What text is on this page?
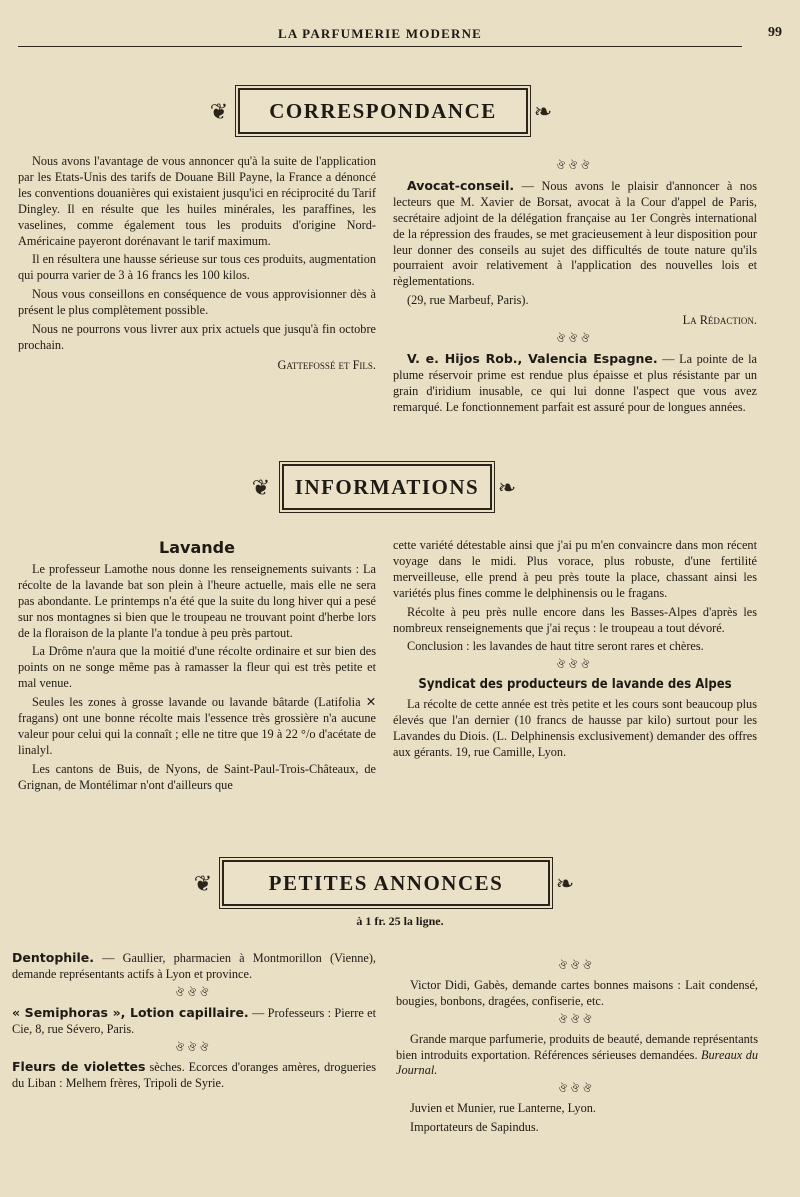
LA PARFUMERIE MODERNE	99
❦	CORRESPONDANCE	❧

Nous avons l'avantage de vous annoncer qu'à la suite de l'application par les Etats-Unis des tarifs de Douane Bill Payne, la France a dénoncé les conventions douanières qui existaient jusqu'ici en réciprocité du Tarif Dingley. Il en résulte que les huiles minérales, les paraffines, les vaselines, comme également tous les produits d'origine Nord-Américaine payeront dorénavant le tarif maximum.

Il en résultera une hausse sérieuse sur tous ces produits, augmentation qui pourra varier de 3 à 16 francs les 100 kilos.

Nous vous conseillons en conséquence de vous approvisionner dès à présent le plus complètement possible.

Nous ne pourrons vous livrer aux prix actuels que jusqu'à fin octobre prochain.

Gattefossé et Fils.

ঔঔঔ

Avocat-conseil. — Nous avons le plaisir d'annoncer à nos lecteurs que M. Xavier de Borsat, avocat à la Cour d'appel de Paris, secrétaire adjoint de la délégation française au 1er Congrès international de la répression des fraudes, se met gracieusement à leur disposition pour leur donner des conseils au sujet des difficultés de toute nature qu'ils pourraient avoir relativement à l'application des nouvelles lois et règlementations.

(29, rue Marbeuf, Paris).

La Rédaction.

ঔঔঔ

V. e. Hijos Rob., Valencia Espagne. — La pointe de la plume réservoir prime est rendue plus épaisse et plus résistante par un grain d'iridium inusable, ce qui lui donne l'aspect que vous avez remarqué. Le fonctionnement parfait est assuré pour de longues années.

❦	INFORMATIONS ❧

Lavande

Le professeur Lamothe nous donne les renseignements suivants : La récolte de la lavande bat son plein à l'heure actuelle, mais elle ne sera pas abondante. Le printemps n'a été que la suite du long hiver qui a pesé sur nos montagnes si bien que le troupeau ne trouvant point d'herbe lors de la floraison de la plante l'a tondue à peu près partout.

La Drôme n'aura que la moitié d'une récolte ordinaire et sur bien des points on ne songe même pas à ramasser la fleur qui est très petite et mal venue.

Seules les zones à grosse lavande ou lavande bâtarde (Latifolia ✕ fragans) ont une bonne récolte mais l'essence très grossière n'a aucune valeur pour celui qui la connaît ; elle ne titre que 19 à 22 °/o d'acétate de linalyl.

Les cantons de Buis, de Nyons, de Saint-Paul-Trois-Châteaux, de Grignan, de Montélimar n'ont d'ailleurs que

cette variété détestable ainsi que j'ai pu m'en convaincre dans mon récent voyage dans le midi. Plus vorace, plus robuste, d'une fertilité merveilleuse, elle prend à peu près toute la place, chassant ainsi les variétés plus fines comme le delphinensis ou le fragans.

Récolte à peu près nulle encore dans les Basses-Alpes d'après les nombreux renseignements que j'ai reçus : le troupeau a tout dévoré.

Conclusion : les lavandes de haut titre seront rares et chères.

ঔঔঔ

Syndicat des producteurs de lavande des Alpes

La récolte de cette année est très petite et les cours sont beaucoup plus élevés que l'an dernier (10 francs de hausse par kilo) surtout pour les Lavandes du Diois. (L. Delphinensis exclusivement) demander des offres aux gérants. 19, rue Camille, Lyon.

❦	PETITES ANNONCES	❧
à 1 fr. 25 la ligne.

Dentophile. — Gaullier, pharmacien à Montmorillon (Vienne), demande représentants actifs à Lyon et province.

ঔঔঔ

« Semiphoras », Lotion capillaire. — Professeurs : Pierre et Cie, 8, rue Sévero, Paris.

ঔঔঔ

Fleurs de violettes sèches. Ecorces d'oranges amères, drogueries du Liban : Melhem frères, Tripoli de Syrie.

ঔঔঔ

Victor Didi, Gabès, demande cartes bonnes maisons : Lait condensé, bougies, bonbons, dragées, confiserie, etc.

ঔঔঔ

Grande marque parfumerie, produits de beauté, demande représentants bien introduits exportation. Références sérieuses demandées. Bureaux du Journal.

ঔঔঔ

Juvien et Munier, rue Lanterne, Lyon.

Importateurs de Sapindus.
